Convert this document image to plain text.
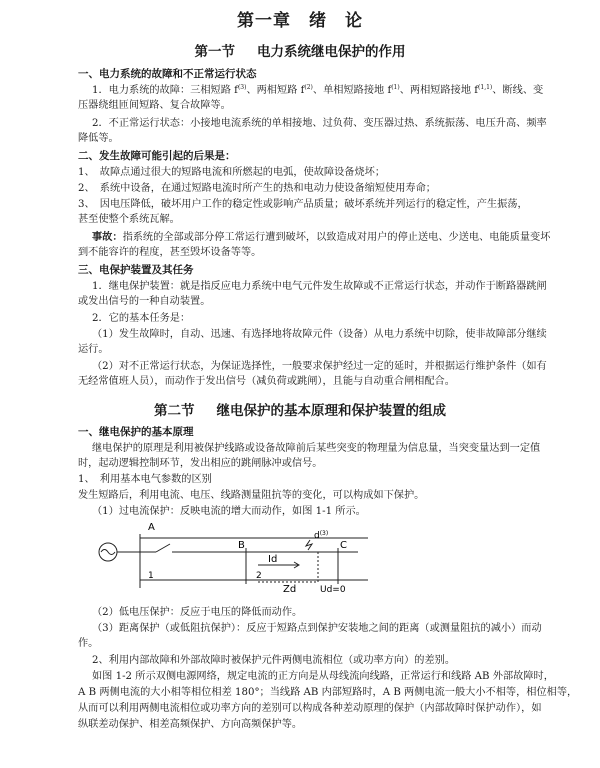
第一章　绪　论
第一节 电力系统继电保护的作用
一、电力系统的故障和不正常运行状态
1．电力系统的故障：三相短路 $f^{(3)}$、两相短路 $f^{(2)}$、单相短路接地 $f^{(1)}$、两相短路接地 $f^{(1,1)}$、断线、变
压器绕组匝间短路、复合故障等。
2．不正常运行状态：小接地电流系统的单相接地、过负荷、变压器过热、系统振荡、电压升高、频率
降低等。
二、发生故障可能引起的后果是：
1、　故障点通过很大的短路电流和所燃起的电弧，使故障设备烧坏；
2、　系统中设备，在通过短路电流时所产生的热和电动力使设备缩短使用寿命；
3、　因电压降低，破坏用户工作的稳定性或影响产品质量；破坏系统并列运行的稳定性，产生振荡，
甚至使整个系统瓦解。
事故：指系统的全部或部分停工常运行遭到破坏，以致造成对用户的停止送电、少送电、电能质量变坏
到不能容许的程度，甚至毁坏设备等等。
三、电保护装置及其任务
1．继电保护装置：就是指反应电力系统中电气元件发生故障或不正常运行状态，并动作于断路器跳闸
或发出信号的一种自动装置。
2．它的基本任务是：
（1）发生故障时，自动、迅速、有选择地将故障元件（设备）从电力系统中切除，使非故障部分继续
运行。
（2）对不正常运行状态，为保证选择性，一般要求保护经过一定的延时，并根据运行维护条件（如有
无经常值班人员），而动作于发出信号（减负荷或跳闸），且能与自动重合闸相配合。
第二节 继电保护的基本原理和保护装置的组成
一、继电保护的基本原理
继电保护的原理是利用被保护线路或设备故障前后某些突变的物理量为信息量，当突变量达到一定值
时，起动逻辑控制环节，发出相应的跳闸脉冲或信号。
1、　利用基本电气参数的区别
发生短路后，利用电流、电压、线路测量阻抗等的变化，可以构成如下保护。
（1）过电流保护：反映电流的增大而动作，如图 1-1 所示。
A
B	C
Id
Zd	Ud=0
$d^{(3)}$
1	2
（2）低电压保护：反应于电压的降低而动作。
（3）距离保护（或低阻抗保护）：反应于短路点到保护安装地之间的距离（或测量阻抗的减小）而动
作。
2、利用内部故障和外部故障时被保护元件两侧电流相位（或功率方向）的差别。
如图 1-2 所示双侧电源网络，规定电流的正方向是从母线流向线路，正常运行和线路 AB 外部故障时，
A B 两侧电流的大小相等相位相差 180°；当线路 AB 内部短路时，A B 两侧电流一般大小不相等，相位相等，
从而可以利用两侧电流相位或功率方向的差别可以构成各种差动原理的保护（内部故障时保护动作），如
纵联差动保护、相差高频保护、方向高频保护等。
